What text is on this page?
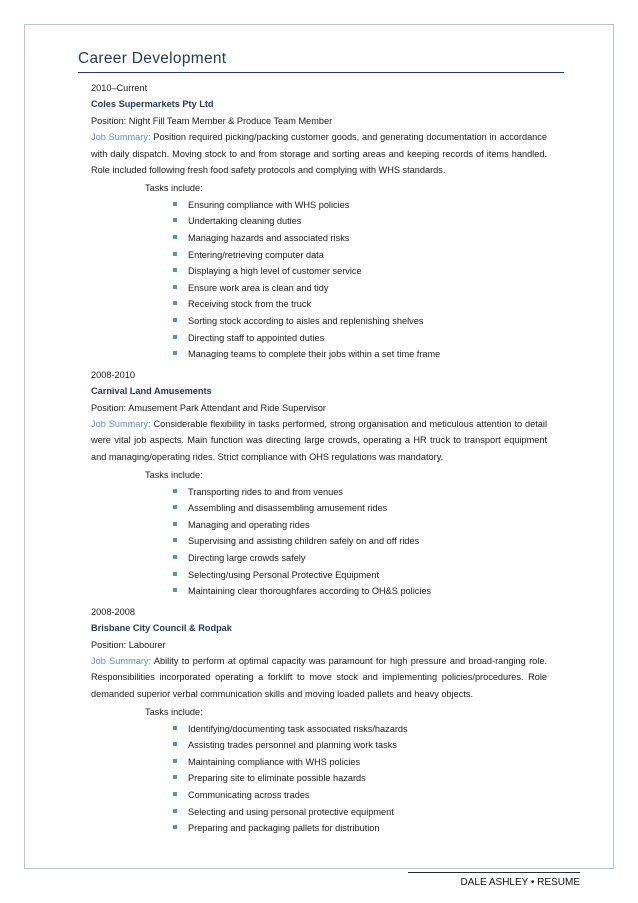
Career Development
2010–Current
Coles Supermarkets Pty Ltd
Position: Night Fill Team Member & Produce Team Member
Job Summary: Position required picking/packing customer goods, and generating documentation in accordance with daily dispatch. Moving stock to and from storage and sorting areas and keeping records of items handled. Role included following fresh food safety protocols and complying with WHS standards.
Tasks include:
Ensuring compliance with WHS policies
Undertaking cleaning duties
Managing hazards and associated risks
Entering/retrieving computer data
Displaying a high level of customer service
Ensure work area is clean and tidy
Receiving stock from the truck
Sorting stock according to aisles and replenishing shelves
Directing staff to appointed duties
Managing teams to complete their jobs within a set time frame
2008-2010
Carnival Land Amusements
Position: Amusement Park Attendant and Ride Supervisor
Job Summary: Considerable flexibility in tasks performed, strong organisation and meticulous attention to detail were vital job aspects. Main function was directing large crowds, operating a HR truck to transport equipment and managing/operating rides. Strict compliance with OHS regulations was mandatory.
Tasks include:
Transporting rides to and from venues
Assembling and disassembling amusement rides
Managing and operating rides
Supervising and assisting children safely on and off rides
Directing large crowds safely
Selecting/using Personal Protective Equipment
Maintaining clear thoroughfares according to OH&S policies
2008-2008
Brisbane City Council & Rodpak
Position: Labourer
Job Summary: Ability to perform at optimal capacity was paramount for high pressure and broad-ranging role. Responsibilities incorporated operating a forklift to move stock and implementing policies/procedures. Role demanded superior verbal communication skills and moving loaded pallets and heavy objects.
Tasks include:
Identifying/documenting task associated risks/hazards
Assisting trades personnel and planning work tasks
Maintaining compliance with WHS policies
Preparing site to eliminate possible hazards
Communicating across trades
Selecting and using personal protective equipment
Preparing and packaging pallets for distribution
DALE ASHLEY • RESUME
